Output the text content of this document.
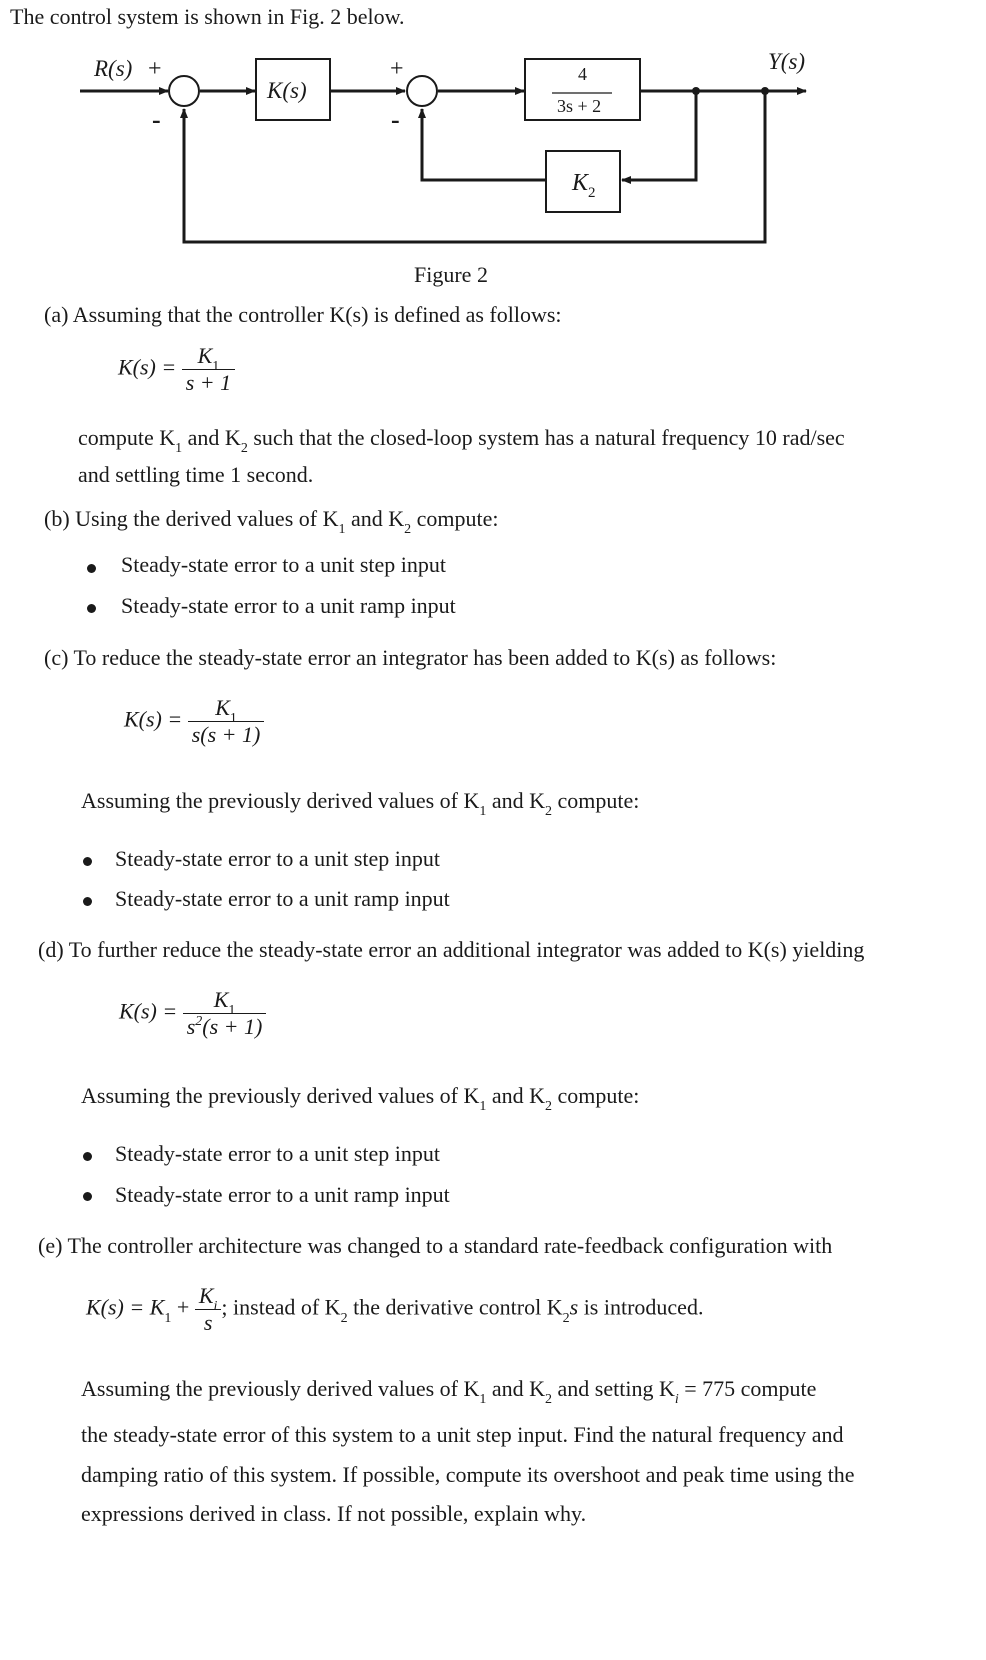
The control system is shown in Fig. 2 below.
R(s) +
-
+
-
K(s)
4
3s + 2
$K_2$
Y(s)
Figure 2
(a) Assuming that the controller K(s) is defined as follows:
$K(s) = \frac{K_1}{s + 1}$
compute $K_1$ and $K_2$ such that the closed-loop system has a natural frequency 10 rad/sec
and settling time 1 second.
(b) Using the derived values of $K_1$ and $K_2$ compute:
Steady-state error to a unit step input
Steady-state error to a unit ramp input
(c) To reduce the steady-state error an integrator has been added to K(s) as follows:
$K(s) = \frac{K_1}{s(s + 1)}$
Assuming the previously derived values of $K_1$ and $K_2$ compute:
Steady-state error to a unit step input
Steady-state error to a unit ramp input
(d) To further reduce the steady-state error an additional integrator was added to K(s) yielding
$K(s) = \frac{K_1}{s^2(s + 1)}$
Assuming the previously derived values of $K_1$ and $K_2$ compute:
Steady-state error to a unit step input
Steady-state error to a unit ramp input
(e) The controller architecture was changed to a standard rate-feedback configuration with
$K(s) = K_1 + \frac{K_i}{s}$ ; instead of $K_2$ the derivative control $K_2s$ is introduced.
Assuming the previously derived values of $K_1$ and $K_2$ and setting $K_i = 775$ compute
the steady-state error of this system to a unit step input. Find the natural frequency and
damping ratio of this system. If possible, compute its overshoot and peak time using the
expressions derived in class. If not possible, explain why.
